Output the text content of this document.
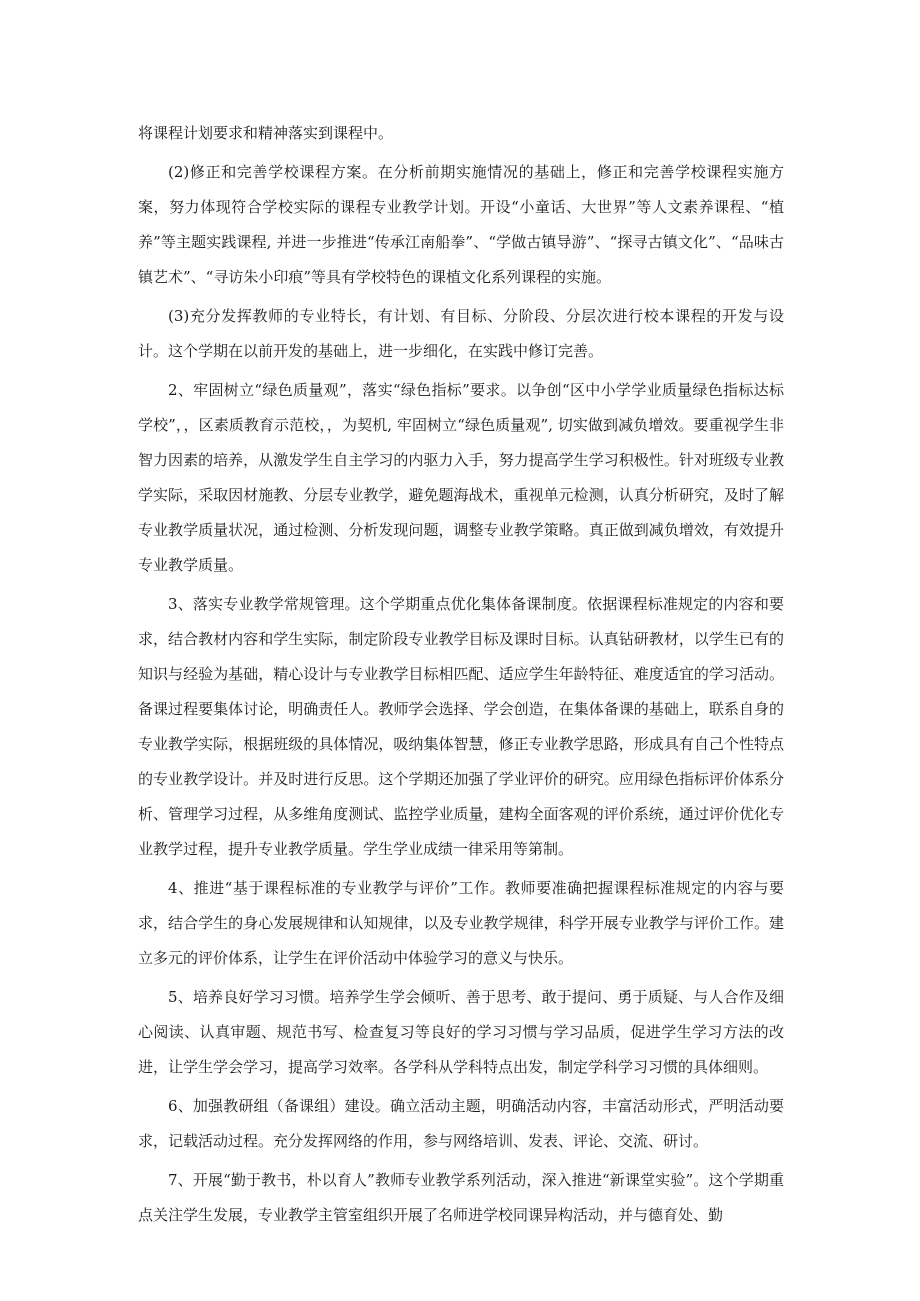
将课程计划要求和精神落实到课程中。

(2)修正和完善学校课程方案。在分析前期实施情况的基础上，修正和完善学校课程实施方案，努力体现符合学校实际的课程专业教学计划。开设“小童话、大世界”等人文素养课程、“植养”等主题实践课程, 并进一步推进“传承江南船拳”、“学做古镇导游”、“探寻古镇文化”、“品味古镇艺术”、“寻访朱小印痕”等具有学校特色的课植文化系列课程的实施。

(3)充分发挥教师的专业特长，有计划、有目标、分阶段、分层次进行校本课程的开发与设计。这个学期在以前开发的基础上，进一步细化，在实践中修订完善。

2、牢固树立“绿色质量观”，落实“绿色指标”要求。以争创“区中小学学业质量绿色指标达标学校”，，区素质教育示范校，，为契机, 牢固树立“绿色质量观”, 切实做到减负增效。要重视学生非智力因素的培养，从激发学生自主学习的内驱力入手，努力提高学生学习积极性。针对班级专业教学实际，采取因材施教、分层专业教学，避免题海战术，重视单元检测，认真分析研究，及时了解专业教学质量状况，通过检测、分析发现问题，调整专业教学策略。真正做到减负增效，有效提升专业教学质量。

3、落实专业教学常规管理。这个学期重点优化集体备课制度。依据课程标准规定的内容和要求，结合教材内容和学生实际，制定阶段专业教学目标及课时目标。认真钻研教材，以学生已有的知识与经验为基础，精心设计与专业教学目标相匹配、适应学生年龄特征、难度适宜的学习活动。备课过程要集体讨论，明确责任人。教师学会选择、学会创造，在集体备课的基础上，联系自身的专业教学实际，根据班级的具体情况，吸纳集体智慧，修正专业教学思路，形成具有自己个性特点的专业教学设计。并及时进行反思。这个学期还加强了学业评价的研究。应用绿色指标评价体系分析、管理学习过程，从多维角度测试、监控学业质量，建构全面客观的评价系统，通过评价优化专业教学过程，提升专业教学质量。学生学业成绩一律采用等第制。

4、推进“基于课程标准的专业教学与评价”工作。教师要准确把握课程标准规定的内容与要求，结合学生的身心发展规律和认知规律，以及专业教学规律，科学开展专业教学与评价工作。建立多元的评价体系，让学生在评价活动中体验学习的意义与快乐。

5、培养良好学习习惯。培养学生学会倾听、善于思考、敢于提问、勇于质疑、与人合作及细心阅读、认真审题、规范书写、检查复习等良好的学习习惯与学习品质，促进学生学习方法的改进，让学生学会学习，提高学习效率。各学科从学科特点出发，制定学科学习习惯的具体细则。

6、加强教研组（备课组）建设。确立活动主题，明确活动内容，丰富活动形式，严明活动要求，记载活动过程。充分发挥网络的作用，参与网络培训、发表、评论、交流、研讨。

7、开展“勤于教书，朴以育人”教师专业教学系列活动，深入推进“新课堂实验”。这个学期重点关注学生发展，专业教学主管室组织开展了名师进学校同课异构活动，并与德育处、勤
